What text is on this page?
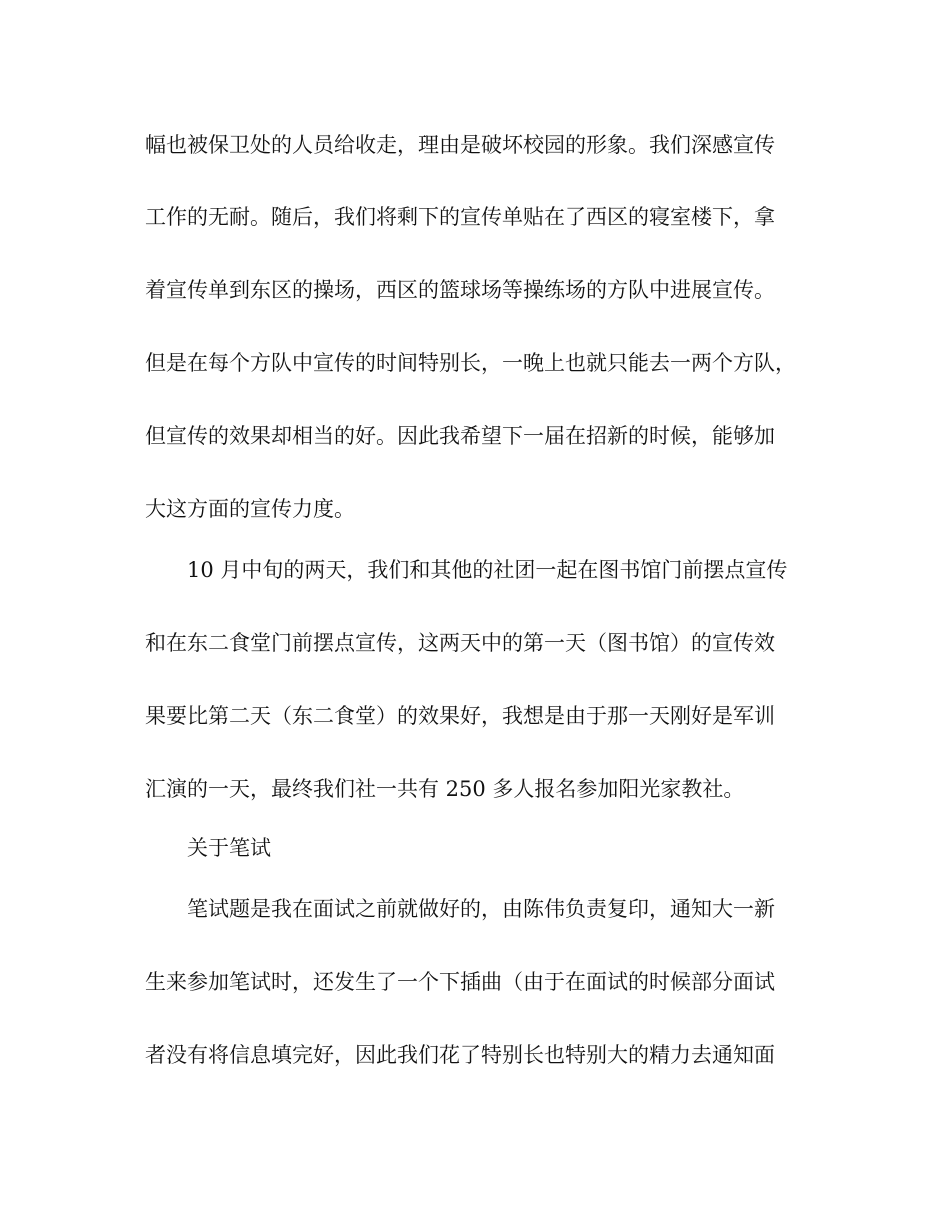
幅也被保卫处的人员给收走，理由是破坏校园的形象。我们深感宣传
工作的无耐。随后，我们将剩下的宣传单贴在了西区的寝室楼下，拿
着宣传单到东区的操场，西区的篮球场等操练场的方队中进展宣传。
但是在每个方队中宣传的时间特别长，一晚上也就只能去一两个方队，
但宣传的效果却相当的好。因此我希望下一届在招新的时候，能够加
大这方面的宣传力度。
10 月中旬的两天，我们和其他的社团一起在图书馆门前摆点宣传
和在东二食堂门前摆点宣传，这两天中的第一天（图书馆）的宣传效
果要比第二天（东二食堂）的效果好，我想是由于那一天刚好是军训
汇演的一天，最终我们社一共有 250 多人报名参加阳光家教社。
关于笔试
笔试题是我在面试之前就做好的，由陈伟负责复印，通知大一新
生来参加笔试时，还发生了一个下插曲（由于在面试的时候部分面试
者没有将信息填完好，因此我们花了特别长也特别大的精力去通知面
